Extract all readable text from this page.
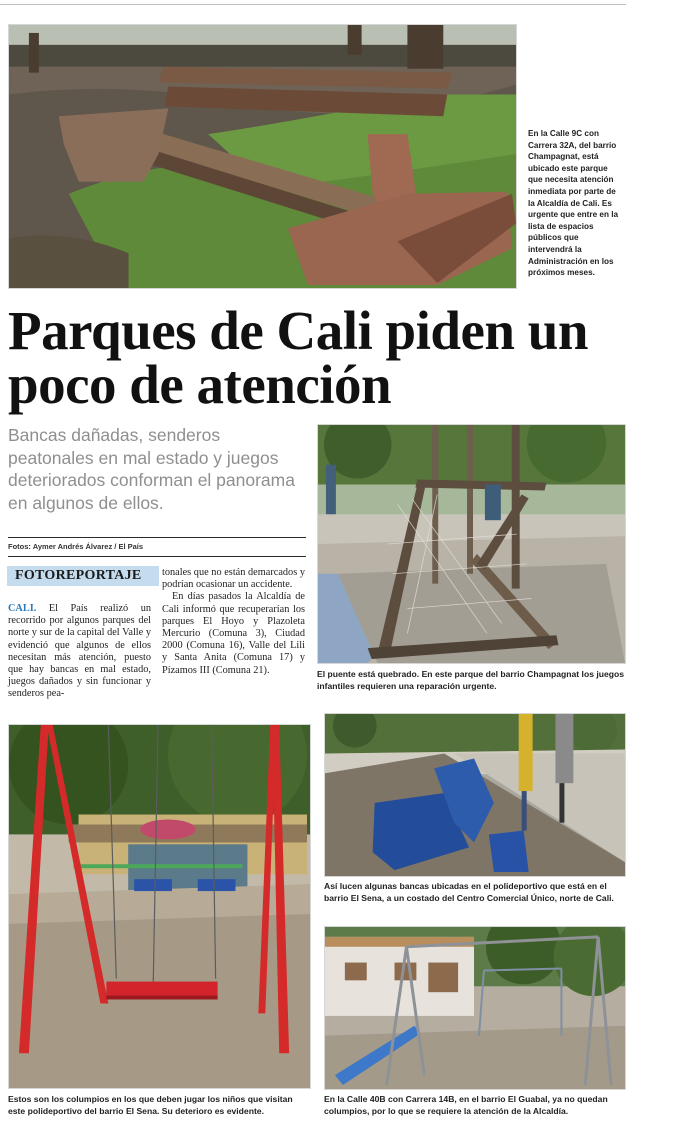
En la Calle 9C con Carrera 32A, del barrio Champagnat, está ubicado este parque que necesita atención inmediata por parte de la Alcaldía de Cali. Es urgente que entre en la lista de espacios públicos que intervendrá la Administración en los próximos meses.
Parques de Cali piden un poco de atención
Bancas dañadas, senderos peatonales en mal estado y juegos deteriorados conforman el panorama en algunos de ellos.
Fotos: Aymer Andrés Álvarez / El País
FOTOREPORTAJE
CALI. El País realizó un recorrido por algunos parques del norte y sur de la capital del Valle y evidenció que algunos de ellos necesitan más atención, puesto que hay bancas en mal estado, juegos dañados y sin funcionar y senderos pea-

tonales que no están demarcados y podrían ocasionar un accidente.

En días pasados la Alcaldía de Cali informó que recuperarían los parques El Hoyo y Plazoleta Mercurio (Comuna 3), Ciudad 2000 (Comuna 16), Valle del Lili y Santa Anita (Comuna 17) y Pízamos III (Comuna 21).	El puente está quebrado. En este parque del barrio Champagnat los juegos infantiles requieren una reparación urgente.
Así lucen algunas bancas ubicadas en el polideportivo que está en el barrio El Sena, a un costado del Centro Comercial Único, norte de Cali.
Estos son los columpios en los que deben jugar los niños que visitan este polideportivo del barrio El Sena. Su deterioro es evidente.
En la Calle 40B con Carrera 14B, en el barrio El Guabal, ya no quedan columpios, por lo que se requiere la atención de la Alcaldía.
